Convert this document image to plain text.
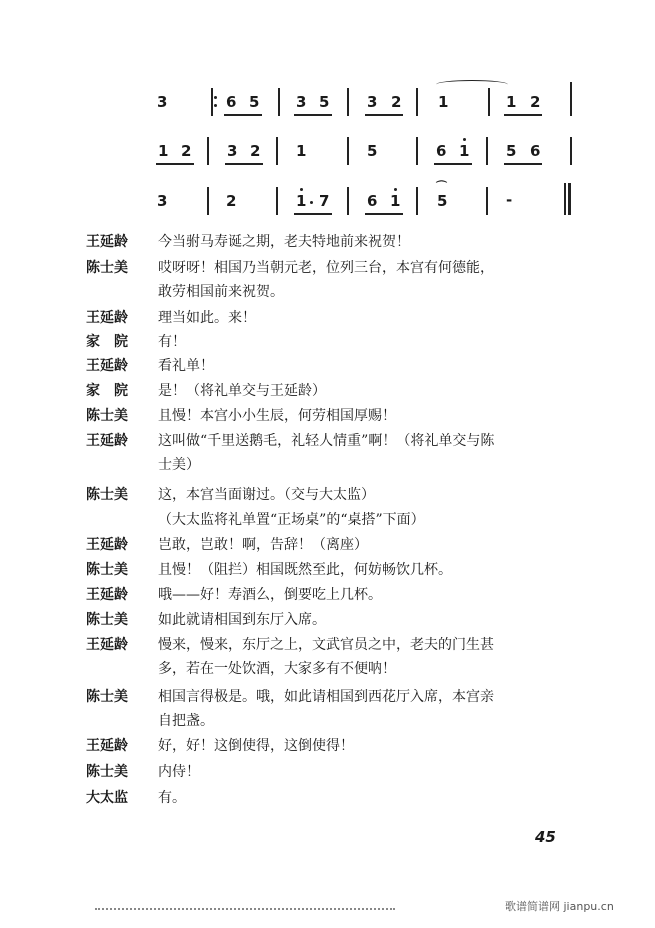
3	6 5 3 5	3 2 1	1 2
1 2 3 2 1	5	6 1 5 6
3	2	1 7	6 1
⌒
5	-
王延龄	今当驸马寿诞之期，老夫特地前来祝贺！
陈士美	哎呀呀！相国乃当朝元老，位列三台，本宫有何德能，
敢劳相国前来祝贺。
王延龄	理当如此。来！
家　院	有！
王延龄	看礼单！
家　院	是！（将礼单交与王延龄）
陈士美	且慢！本宫小小生辰，何劳相国厚赐！
王延龄	这叫做“千里送鹅毛，礼轻人情重”啊！（将礼单交与陈
士美）
陈士美	这，本宫当面谢过。（交与大太监）
（大太监将礼单置“正场桌”的“桌搭”下面）
王延龄	岂敢，岂敢！啊，告辞！（离座）
陈士美	且慢！（阻拦）相国既然至此，何妨畅饮几杯。
王延龄	哦——好！寿酒么，倒要吃上几杯。
陈士美	如此就请相国到东厅入席。
王延龄	慢来，慢来，东厅之上，文武官员之中，老夫的门生甚
多，若在一处饮酒，大家多有不便呐！
陈士美	相国言得极是。哦，如此请相国到西花厅入席，本宫亲
自把盏。
王延龄	好，好！这倒使得，这倒使得！
陈士美	内侍！
大太监	有。
45
歌谱简谱网 jianpu.cn
